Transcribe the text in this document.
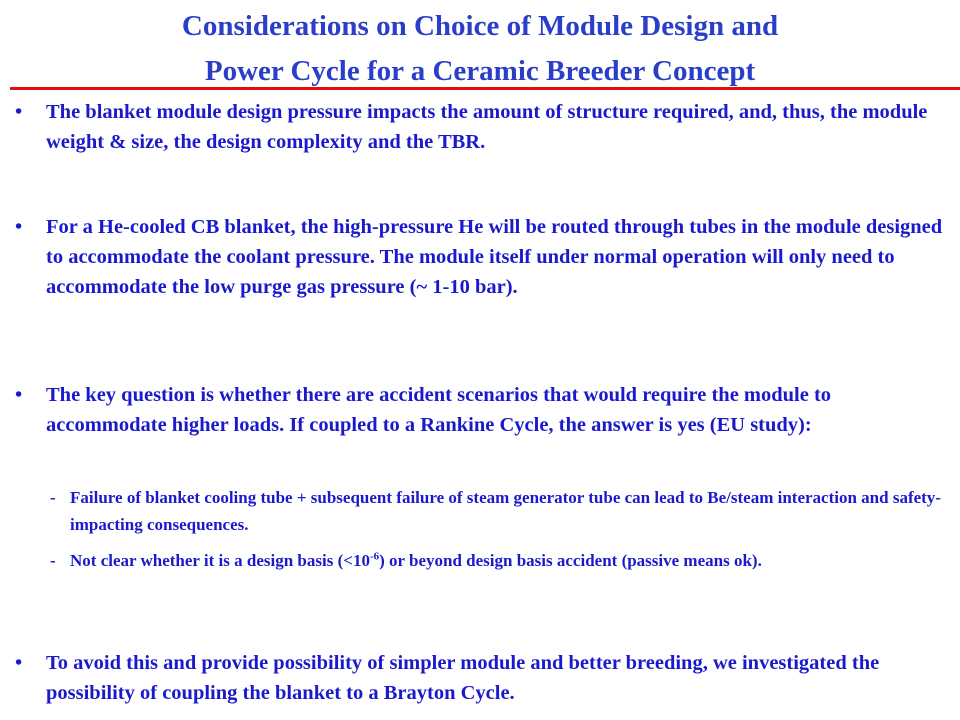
Considerations on Choice of Module Design and
Power Cycle for a Ceramic Breeder Concept
• The blanket module design pressure impacts the amount of structure required, and, thus, the module weight & size, the design complexity and the TBR.
• For a He-cooled CB blanket, the high-pressure He will be routed through tubes in the module designed to accommodate the coolant pressure. The module itself under normal operation will only need to accommodate the low purge gas pressure (~ 1-10 bar).
• The key question is whether there are accident scenarios that would require the module to accommodate higher loads. If coupled to a Rankine Cycle, the answer is yes (EU study):
- Failure of blanket cooling tube + subsequent failure of steam generator tube can lead to Be/steam interaction and safety-impacting consequences.
- Not clear whether it is a design basis $(<10^{-6})$ or beyond design basis accident (passive means ok).
• To avoid this and provide possibility of simpler module and better breeding, we investigated the possibility of coupling the blanket to a Brayton Cycle.
